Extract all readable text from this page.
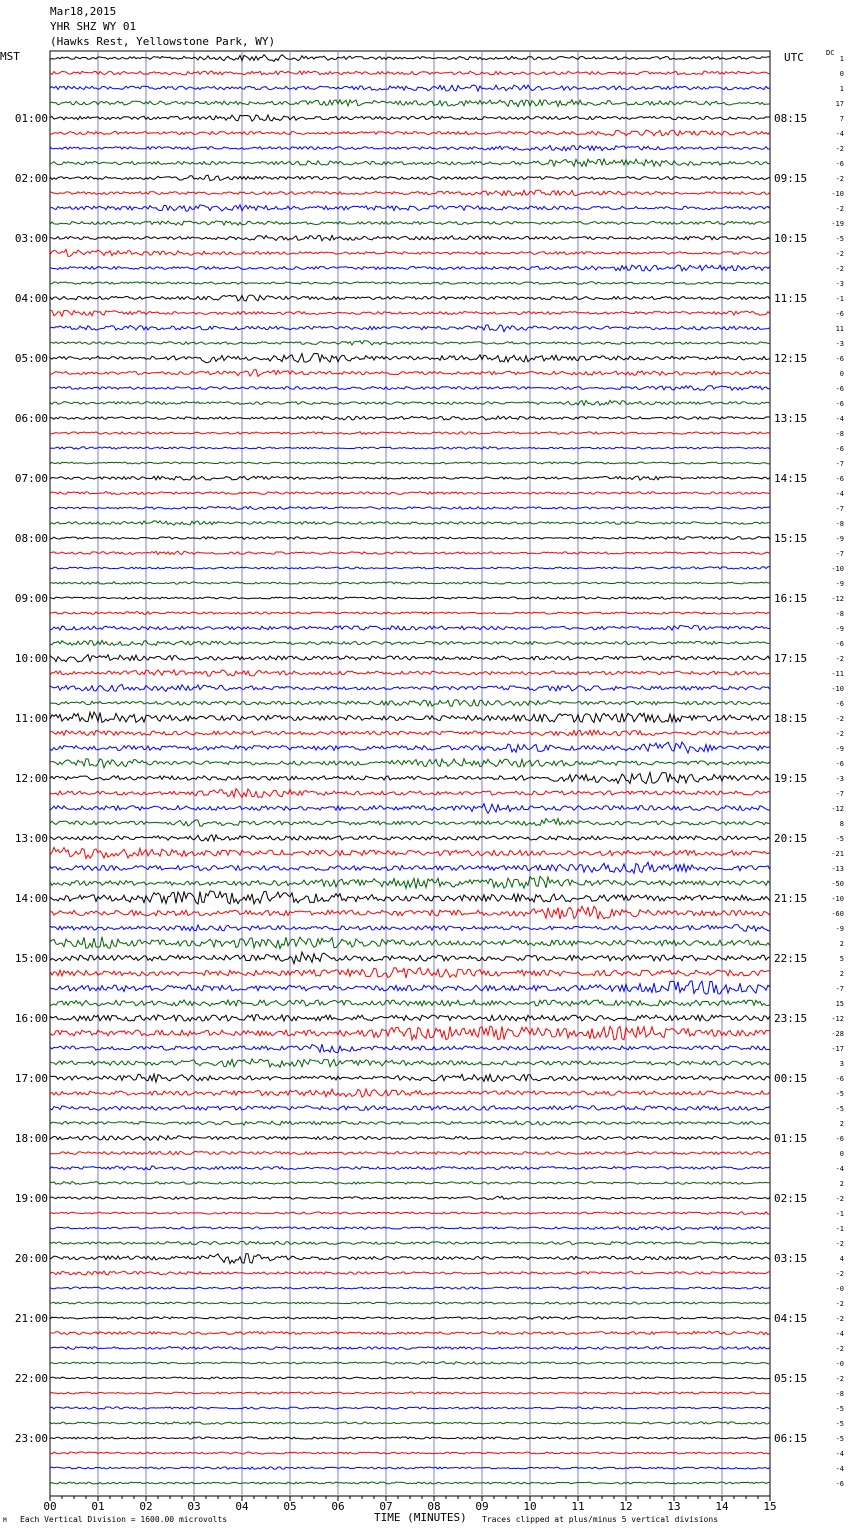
01:00	08:15
02:00	09:15
03:00	10:15
04:00	11:15
05:00	12:15
06:00	13:15
07:00	14:15
08:00	15:15
09:00	16:15
10:00	17:15
11:00	18:15
12:00	19:15
13:00	20:15
14:00	21:15
15:00	22:15
16:00	23:15
17:00	00:15
18:00	01:15
19:00	02:15
20:00	03:15
21:00	04:15
22:00	05:15
23:00	06:15
1
0
1
17
7
-4
-2
-6
-2
-10
-2
-19
-5
-2
-2
-3
-1
-6
11
-3
-6
0
-6
-6
-4
-8
-6
-7
-6
-4
-7
-8
-9
-7
-10
-9
-12
-8
-9
-6
-2
-11
-10
-6
-2
-2
-9
-6
-3
-7
-12
8
-5
-21
-13
-50
-10
-60
-9
2
5
2
-7
15
-12
-28
-17
3
-6
-5
-5
2
-6
0
-4
2
-2
-1
-1
-2
4
-2
-0
-2
-2
-4
-2
-0
-2
-8
-5
-5
-5
-4
-4
-6
00	01	02	03	04	05	06	07	08	09	10	11	12	13	14	15
Mar18,2015
YHR SHZ WY 01
(Hawks Rest, Yellowstone Park, WY)
MST	UTC	DC
TIME (MINUTES)
M Each Vertical Division = 1600.00 microvolts	Traces clipped at plus/minus 5 vertical divisions
